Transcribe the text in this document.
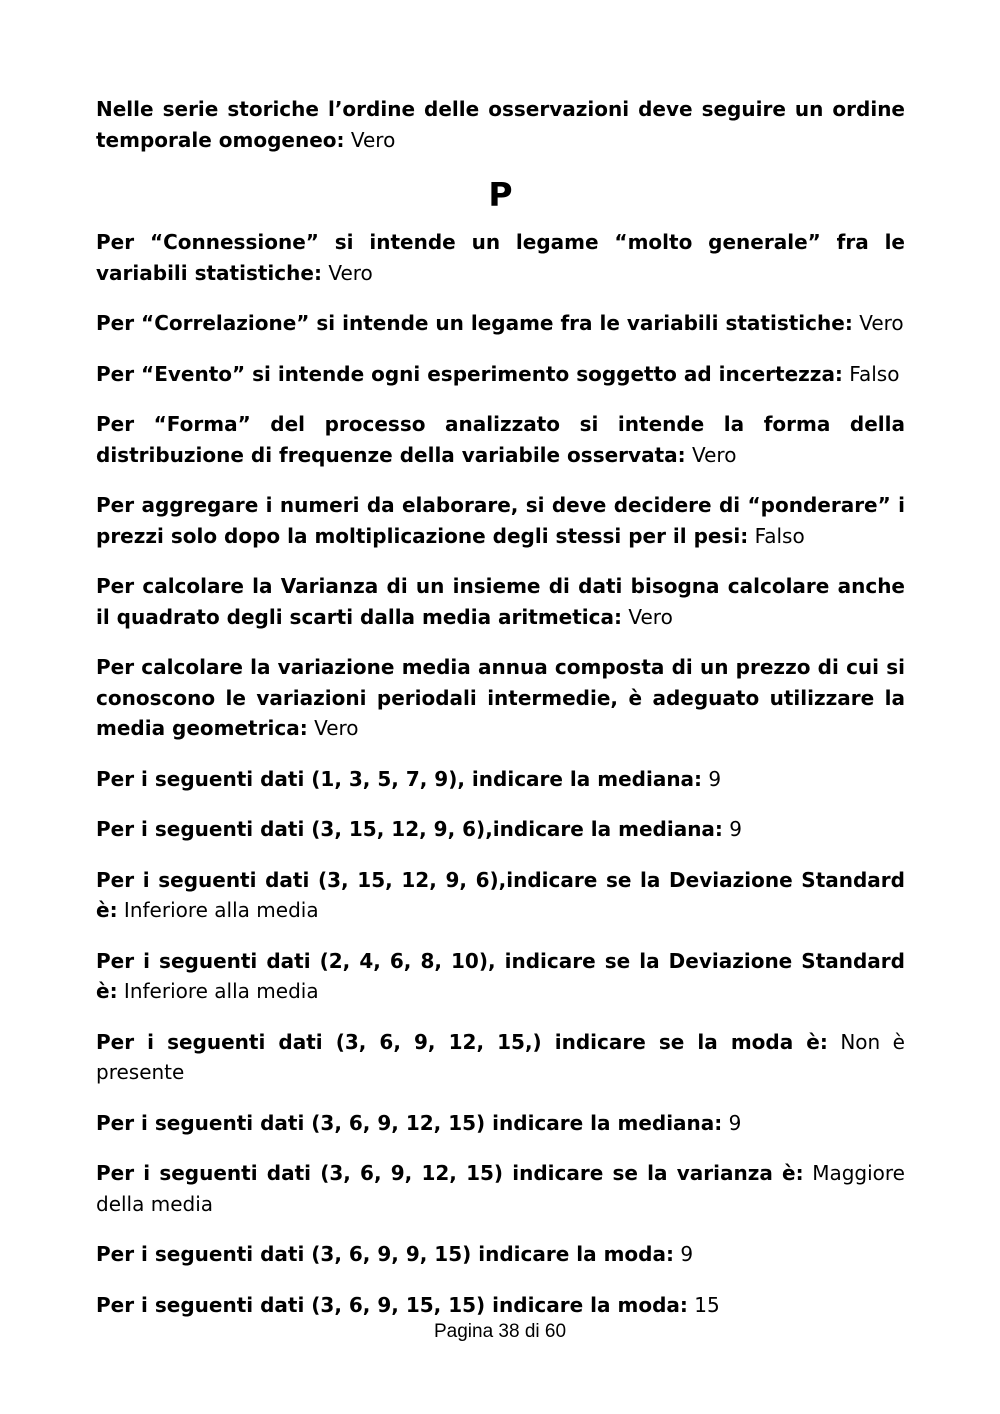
Nelle serie storiche l’ordine delle osservazioni deve seguire un ordine temporale omogeneo: Vero

P

Per “Connessione” si intende un legame “molto generale” fra le variabili statistiche: Vero

Per “Correlazione” si intende un legame fra le variabili statistiche: Vero

Per “Evento” si intende ogni esperimento soggetto ad incertezza: Falso

Per “Forma” del processo analizzato si intende la forma della distribuzione di frequenze della variabile osservata: Vero

Per aggregare i numeri da elaborare, si deve decidere di “ponderare” i prezzi solo dopo la moltiplicazione degli stessi per il pesi: Falso

Per calcolare la Varianza di un insieme di dati bisogna calcolare anche il quadrato degli scarti dalla media aritmetica: Vero

Per calcolare la variazione media annua composta di un prezzo di cui si conoscono le variazioni periodali intermedie, è adeguato utilizzare la media geometrica: Vero

Per i seguenti dati (1, 3, 5, 7, 9), indicare la mediana: 9

Per i seguenti dati (3, 15, 12, 9, 6),indicare la mediana: 9

Per i seguenti dati (3, 15, 12, 9, 6),indicare se la Deviazione Standard è: Inferiore alla media

Per i seguenti dati (2, 4, 6, 8, 10), indicare se la Deviazione Standard è: Inferiore alla media

Per i seguenti dati (3, 6, 9, 12, 15,) indicare se la moda è: Non è presente

Per i seguenti dati (3, 6, 9, 12, 15) indicare la mediana: 9

Per i seguenti dati (3, 6, 9, 12, 15) indicare se la varianza è: Maggiore della media

Per i seguenti dati (3, 6, 9, 9, 15) indicare la moda: 9

Per i seguenti dati (3, 6, 9, 15, 15) indicare la moda: 15

Pagina 38 di 60
